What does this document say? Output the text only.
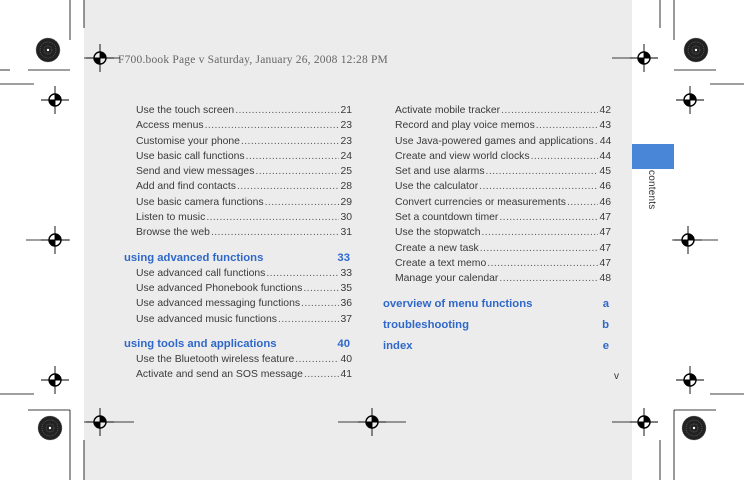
contents
F700.book Page v Saturday, January 26, 2008 12:28 PM
Use the touch screen .....	21
Access menus .....	23
Customise your phone .....	23
Use basic call functions .....	24
Send and view messages .....	25
Add and find contacts .....	28
Use basic camera functions .....	29
Listen to music .....	30
Browse the web .....	31
using advanced functions	33
Use advanced call functions .....	33
Use advanced Phonebook functions .....	35
Use advanced messaging functions .....	36
Use advanced music functions .....	37
using tools and applications	40
Use the Bluetooth wireless feature .....	40
Activate and send an SOS message .....	41
Activate mobile tracker .....	42
Record and play voice memos .....	43
Use Java-powered games and applications ..... 44
Create and view world clocks .....	44
Set and use alarms .....	45
Use the calculator .....	46
Convert currencies or measurements .....	46
Set a countdown timer .....	47
Use the stopwatch .....	47
Create a new task .....	47
Create a text memo .....	47
Manage your calendar .....	48
overview of menu functions	a
troubleshooting	b
index	e
v
